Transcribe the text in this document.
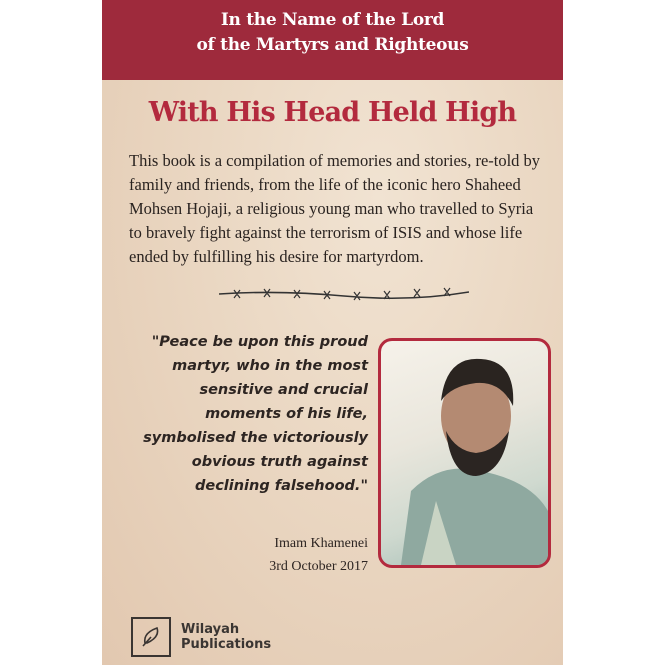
In the Name of the Lord
of the Martyrs and Righteous
With His Head Held High
This book is a compilation of memories and stories, re-told by family and friends, from the life of the iconic hero Shaheed Mohsen Hojaji, a religious young man who travelled to Syria to bravely fight against the terrorism of ISIS and whose life ended by fulfilling his desire for martyrdom.
"Peace be upon this proud
martyr, who in the most
sensitive and crucial
moments of his life,
symbolised the victoriously
obvious truth against
declining falsehood."
Imam Khamenei
3rd October 2017
Wilayah
Publications
